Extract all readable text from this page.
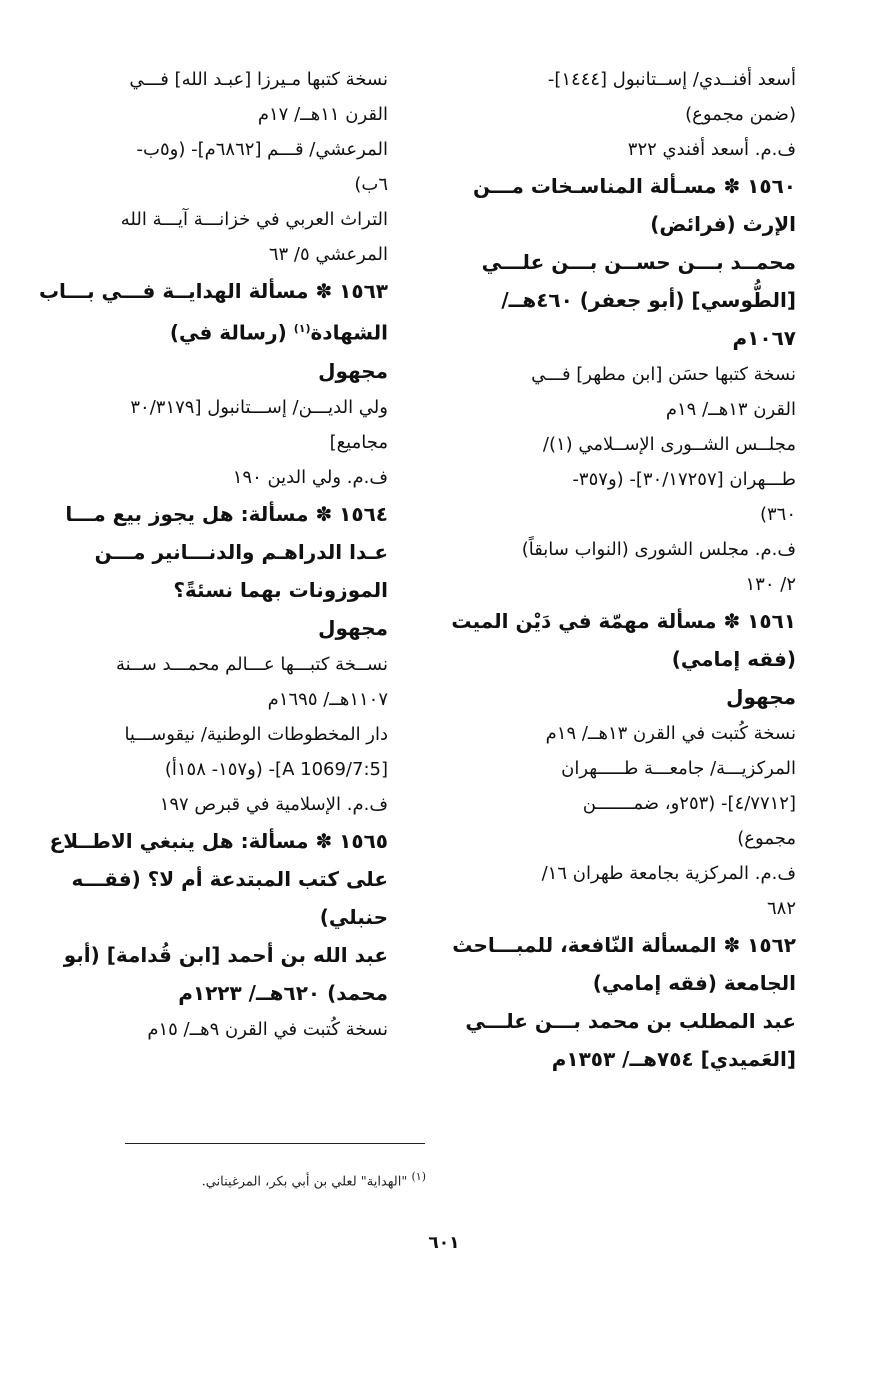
أسعد أفنــدي/ إســتانبول [١٤٤٤]-
(ضمن مجموع)
ف.م. أسعد أفندي ٣٢٢
١٥٦٠ ✽ مسـألة المناسـخات مـــن
الإرث (فرائض)
محمــد بـــن حســن بـــن علـــي
[الطُّوسي] (أبو جعفر) ٤٦٠هــ/
١٠٦٧م
نسخة كتبها حسَن [ابن مطهر] فـــي
القرن ١٣هــ/ ١٩م
مجلــس الشــورى الإســلامي (١)/
طـــهران [٣٠/١٧٢٥٧]- (و٣٥٧-
٣٦٠)
ف.م. مجلس الشورى (النواب سابقاً)
٢/ ١٣٠
١٥٦١ ✽ مسألة مهمّة في دَيْن الميت
(فقه إمامي)
مجهول
نسخة كُتبت في القرن ١٣هــ/ ١٩م
المركزيـــة/ جامعـــة طـــــهران
[٤/٧٧١٢]- (٢٥٣و، ضمـــــــن
مجموع)
ف.م. المركزية بجامعة طهران ١٦/
٦٨٢
١٥٦٢ ✽ المسألة النّافعة، للمبـــاحث
الجامعة (فقه إمامي)
عبد المطلب بن محمد بـــن علـــي
[العَميدي] ٧٥٤هــ/ ١٣٥٣م
نسخة كتبها مـيرزا [عبـد الله] فـــي
القرن ١١هــ/ ١٧م
المرعشي/ قـــم [٦٨٦٢م]- (و٥ب-
٦ب)
التراث العربي في خزانـــة آيـــة الله
المرعشي ٥/ ٦٣
١٥٦٣ ✽ مسألة الهدايــة فـــي بـــاب
الشهادة$^{(١)}$ (رسالة في)
مجهول
ولي الديـــن/ إســـتانبول [٣٠/٣١٧٩
مجاميع]
ف.م. ولي الدين ١٩٠
١٥٦٤ ✽ مسألة: هل يجوز بيع مـــا
عـدا الدراهـم والدنـــانير مـــن
الموزونات بهما نسئةً؟
مجهول
نســخة كتبـــها عـــالم محمـــد ســنة
١١٠٧هــ/ ١٦٩٥م
دار المخطوطات الوطنية/ نيقوســـيا
[A 1069/7:5]- (و١٥٧- ١٥٨أ)
ف.م. الإسلامية في قبرص ١٩٧
١٥٦٥ ✽ مسألة: هل ينبغي الاطــلاع
على كتب المبتدعة أم لا؟ (فقـــه
حنبلي)
عبد الله بن أحمد [ابن قُدامة] (أبو
محمد) ٦٢٠هــ/ ١٢٢٣م
نسخة كُتبت في القرن ٩هــ/ ١٥م
$^{(١)}$ "الهداية" لعلي بن أبي بكر، المرغيناني.
٦٠١
